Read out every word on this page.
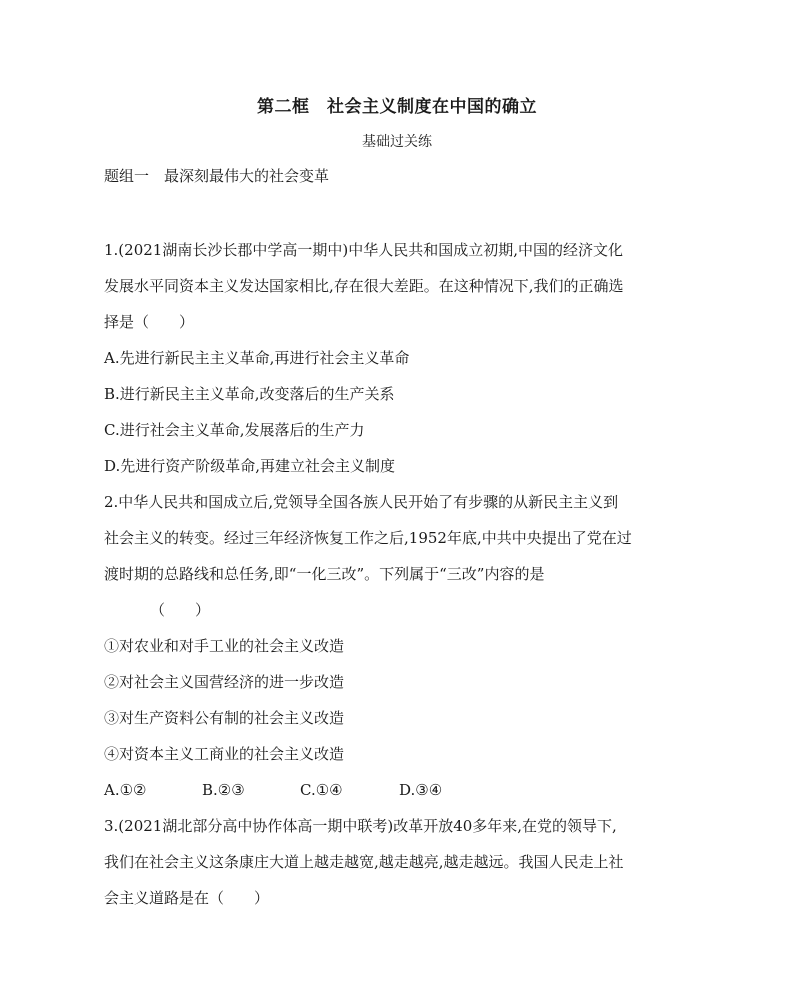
第二框　社会主义制度在中国的确立
基础过关练
题组一　最深刻最伟大的社会变革
1.(2021湖南长沙长郡中学高一期中)中华人民共和国成立初期,中国的经济文化
发展水平同资本主义发达国家相比,存在很大差距。在这种情况下,我们的正确选
择是（　　）
A.先进行新民主主义革命,再进行社会主义革命
B.进行新民主主义革命,改变落后的生产关系
C.进行社会主义革命,发展落后的生产力
D.先进行资产阶级革命,再建立社会主义制度
2.中华人民共和国成立后,党领导全国各族人民开始了有步骤的从新民主主义到
社会主义的转变。经过三年经济恢复工作之后,1952年底,中共中央提出了党在过
渡时期的总路线和总任务,即“一化三改”。下列属于“三改”内容的是
（　　）
①对农业和对手工业的社会主义改造
②对社会主义国营经济的进一步改造
③对生产资料公有制的社会主义改造
④对资本主义工商业的社会主义改造
A.①②	B.②③	C.①④	D.③④
3.(2021湖北部分高中协作体高一期中联考)改革开放40多年来,在党的领导下,
我们在社会主义这条康庄大道上越走越宽,越走越亮,越走越远。我国人民走上社
会主义道路是在（　　）
